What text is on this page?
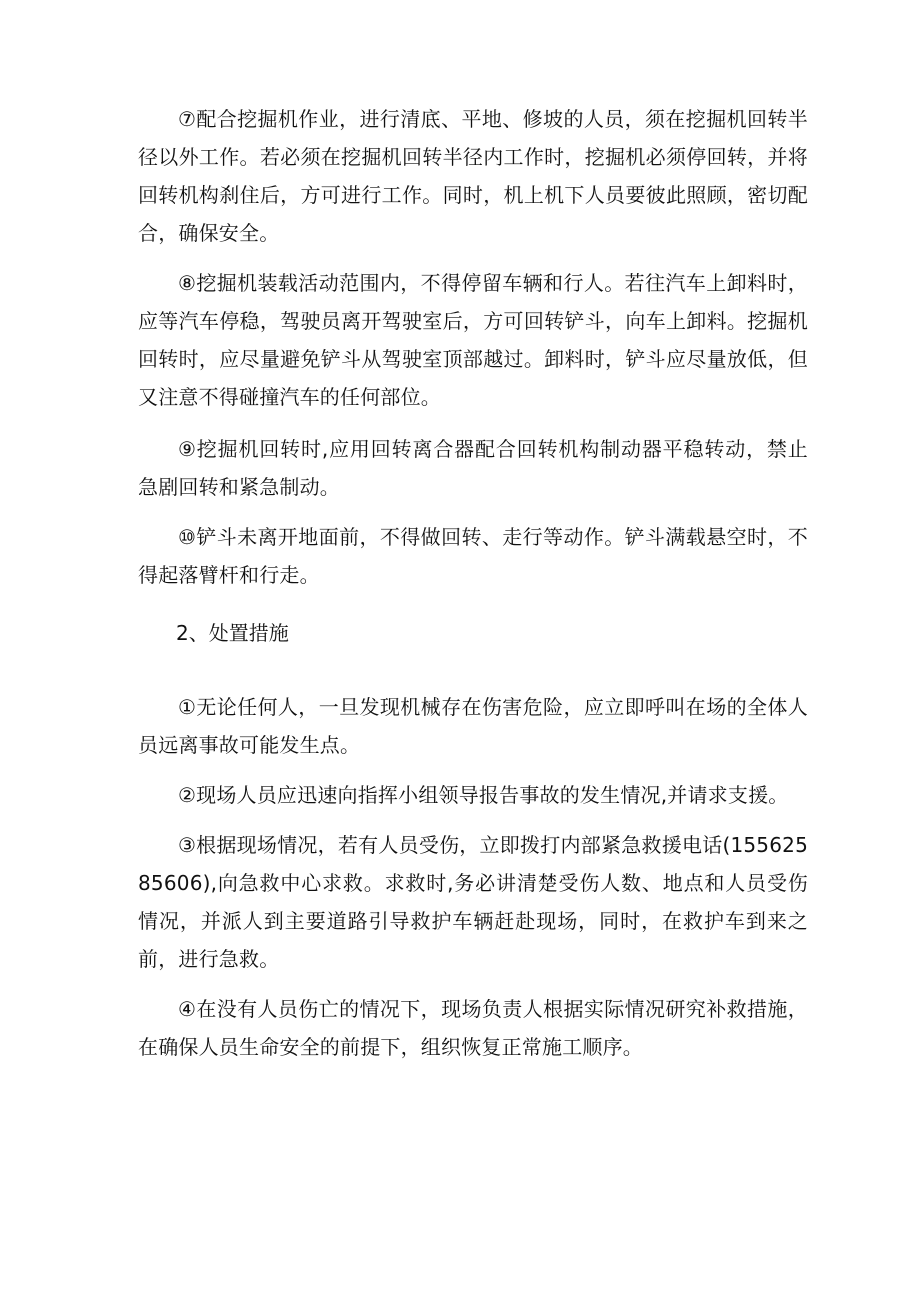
⑦配合挖掘机作业，进行清底、平地、修坡的人员，须在挖掘机回转半径以外工作。若必须在挖掘机回转半径内工作时，挖掘机必须停回转，并将回转机构刹住后，方可进行工作。同时，机上机下人员要彼此照顾，密切配合，确保安全。

⑧挖掘机装载活动范围内，不得停留车辆和行人。若往汽车上卸料时，应等汽车停稳，驾驶员离开驾驶室后，方可回转铲斗，向车上卸料。挖掘机回转时，应尽量避免铲斗从驾驶室顶部越过。卸料时，铲斗应尽量放低，但又注意不得碰撞汽车的任何部位。

⑨挖掘机回转时,应用回转离合器配合回转机构制动器平稳转动，禁止急剧回转和紧急制动。

⑩铲斗未离开地面前，不得做回转、走行等动作。铲斗满载悬空时，不得起落臂杆和行走。

2、处置措施

①无论任何人，一旦发现机械存在伤害危险，应立即呼叫在场的全体人员远离事故可能发生点。

②现场人员应迅速向指挥小组领导报告事故的发生情况,并请求支援。

③根据现场情况，若有人员受伤，立即拨打内部紧急救援电话(15562585606),向急救中心求救。求救时,务必讲清楚受伤人数、地点和人员受伤情况，并派人到主要道路引导救护车辆赶赴现场，同时，在救护车到来之前，进行急救。

④在没有人员伤亡的情况下，现场负责人根据实际情况研究补救措施，在确保人员生命安全的前提下，组织恢复正常施工顺序。
